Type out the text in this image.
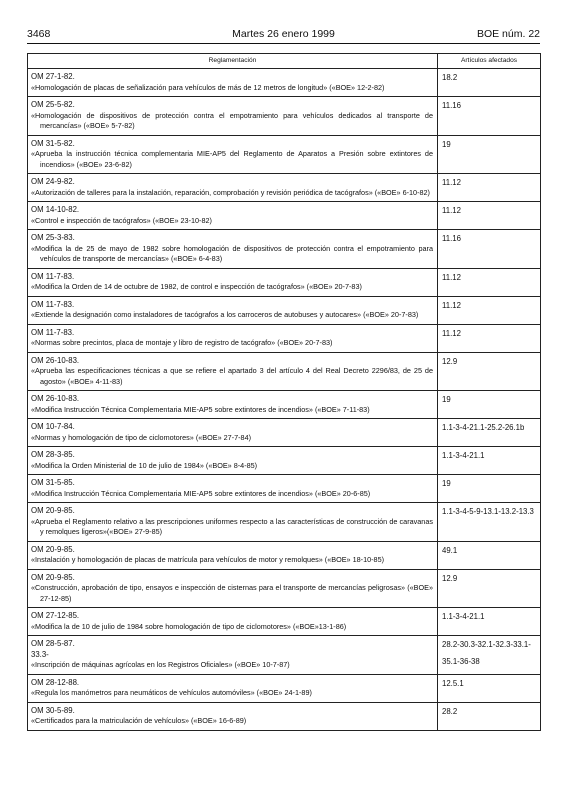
3468	Martes 26 enero 1999	BOE núm. 22
Reglamentación	Artículos afectados

OM 27-1-82.
«Homologación de placas de señalización para vehículos de más de 12 metros de longitud» («BOE» 12-2-82)	18.2

OM 25-5-82.
«Homologación de dispositivos de protección contra el empotramiento para vehículos dedicados al transporte de mercancías» («BOE» 5-7-82)	11.16

OM 31-5-82.
«Aprueba la instrucción técnica complementaria MIE-AP5 del Reglamento de Aparatos a Presión sobre extintores de incendios» («BOE» 23-6-82)	19

OM 24-9-82.
«Autorización de talleres para la instalación, reparación, comprobación y revisión periódica de tacógrafos» («BOE» 6-10-82)	11.12

OM 14-10-82.
«Control e inspección de tacógrafos» («BOE» 23-10-82)	11.12

OM 25-3-83.
«Modifica la de 25 de mayo de 1982 sobre homologación de dispositivos de protección contra el empotramiento para vehículos de transporte de mercancías» («BOE» 6-4-83)	11.16

OM 11-7-83.
«Modifica la Orden de 14 de octubre de 1982, de control e inspección de tacógrafos» («BOE» 20-7-83)	11.12

OM 11-7-83.
«Extiende la designación como instaladores de tacógrafos a los carroceros de autobuses y autocares» («BOE» 20-7-83)	11.12

OM 11-7-83.
«Normas sobre precintos, placa de montaje y libro de registro de tacógrafo» («BOE» 20-7-83)	11.12

OM 26-10-83.
«Aprueba las especificaciones técnicas a que se refiere el apartado 3 del artículo 4 del Real Decreto 2296/83, de 25 de agosto» («BOE» 4-11-83)	12.9

OM 26-10-83.
«Modifica Instrucción Técnica Complementaria MIE-AP5 sobre extintores de incendios» («BOE» 7-11-83)	19

OM 10-7-84.
«Normas y homologación de tipo de ciclomotores» («BOE» 27-7-84)	1.1-3-4-21.1-25.2-26.1b

OM 28-3-85.
«Modifica la Orden Ministerial de 10 de julio de 1984» («BOE» 8-4-85)	1.1-3-4-21.1

OM 31-5-85.
«Modifica Instrucción Técnica Complementaria MIE-AP5 sobre extintores de incendios» («BOE» 20-6-85)	19

OM 20-9-85.
«Aprueba el Reglamento relativo a las prescripciones uniformes respecto a las características de construcción de caravanas y remolques ligeros»(«BOE» 27-9-85)	1.1-3-4-5-9-13.1-13.2-13.3

OM 20-9-85.
«Instalación y homologación de placas de matrícula para vehículos de motor y remolques» («BOE» 18-10-85)	49.1

OM 20-9-85.
«Construcción, aprobación de tipo, ensayos e inspección de cisternas para el transporte de mercancías peligrosas» («BOE» 27-12-85)	12.9

OM 27-12-85.
«Modifica la de 10 de julio de 1984 sobre homologación de tipo de ciclomotores» («BOE»13-1-86)	1.1-3-4-21.1

OM 28-5-87.
33.3-
«Inscripción de máquinas agrícolas en los Registros Oficiales» («BOE» 10-7-87)	28.2-30.3-32.1-32.3-33.1-
35.1-36-38

OM 28-12-88.
«Regula los manómetros para neumáticos de vehículos automóviles» («BOE» 24-1-89)	12.5.1

OM 30-5-89.
«Certificados para la matriculación de vehículos» («BOE» 16-6-89)	28.2
